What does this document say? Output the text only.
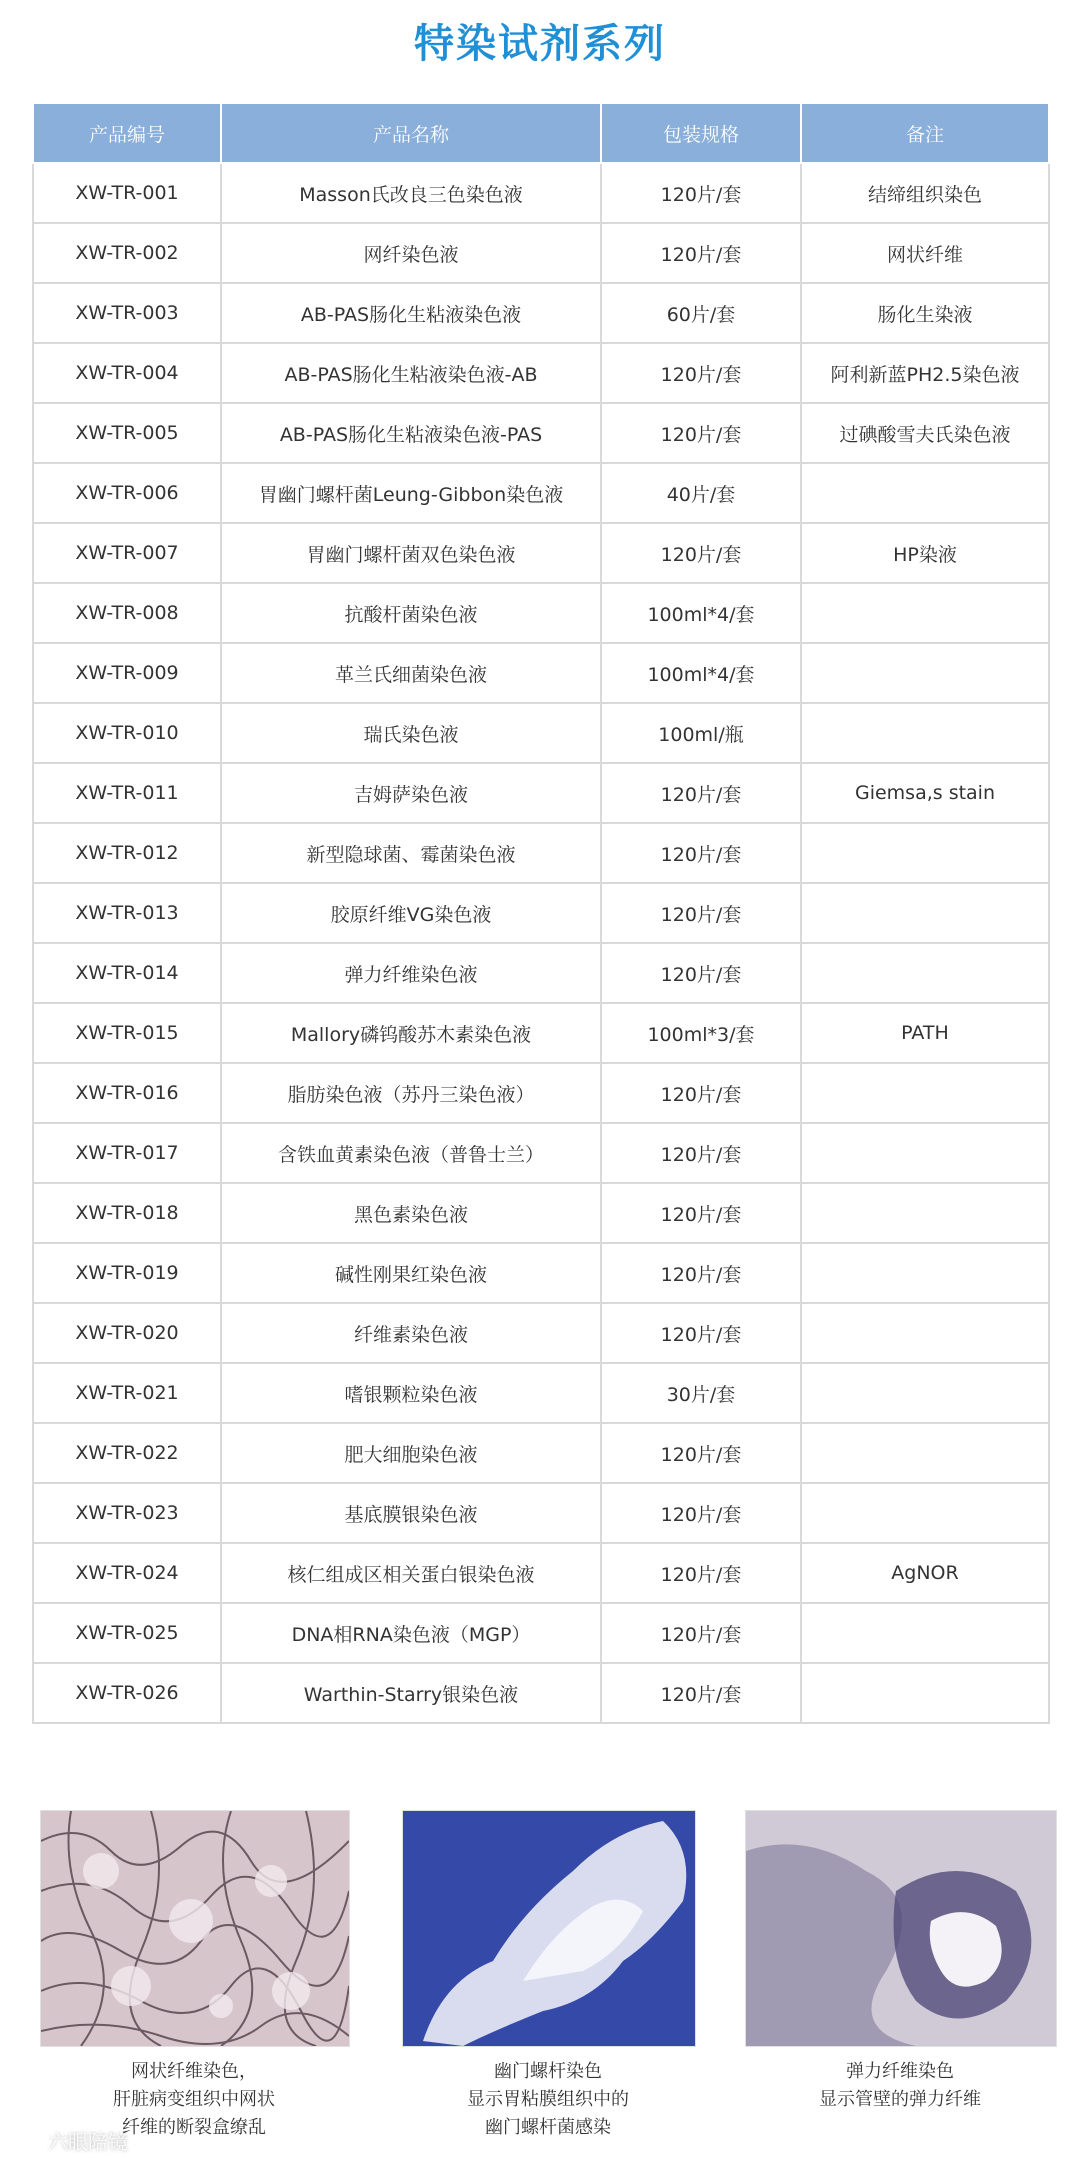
特染试剂系列
产品编号	产品名称	包装规格	备注
XW-TR-001	Masson氏改良三色染色液	120片/套	结缔组织染色
XW-TR-002	网纤染色液	120片/套	网状纤维
XW-TR-003	AB-PAS肠化生粘液染色液	60片/套	肠化生染液
XW-TR-004	AB-PAS肠化生粘液染色液-AB	120片/套	阿利新蓝PH2.5染色液
XW-TR-005	AB-PAS肠化生粘液染色液-PAS	120片/套	过碘酸雪夫氏染色液
XW-TR-006	胃幽门螺杆菌Leung-Gibbon染色液	40片/套	
XW-TR-007	胃幽门螺杆菌双色染色液	120片/套	HP染液
XW-TR-008	抗酸杆菌染色液	100ml*4/套	
XW-TR-009	革兰氏细菌染色液	100ml*4/套	
XW-TR-010	瑞氏染色液	100ml/瓶	
XW-TR-011	吉姆萨染色液	120片/套	Giemsa,s stain
XW-TR-012	新型隐球菌、霉菌染色液	120片/套	
XW-TR-013	胶原纤维VG染色液	120片/套	
XW-TR-014	弹力纤维染色液	120片/套	
XW-TR-015	Mallory磷钨酸苏木素染色液	100ml*3/套	PATH
XW-TR-016	脂肪染色液（苏丹三染色液）	120片/套	
XW-TR-017	含铁血黄素染色液（普鲁士兰）	120片/套	
XW-TR-018	黑色素染色液	120片/套	
XW-TR-019	碱性刚果红染色液	120片/套	
XW-TR-020	纤维素染色液	120片/套	
XW-TR-021	嗜银颗粒染色液	30片/套	
XW-TR-022	肥大细胞染色液	120片/套	
XW-TR-023	基底膜银染色液	120片/套	
XW-TR-024	核仁组成区相关蛋白银染色液	120片/套	AgNOR
XW-TR-025	DNA相RNA染色液（MGP）	120片/套	
XW-TR-026	Warthin-Starry银染色液	120片/套	
网状纤维染色，
肝脏病变组织中网状
纤维的断裂盒缭乱
幽门螺杆染色
显示胃粘膜组织中的
幽门螺杆菌感染
弹力纤维染色
显示管壁的弹力纤维
六眼陪镜
